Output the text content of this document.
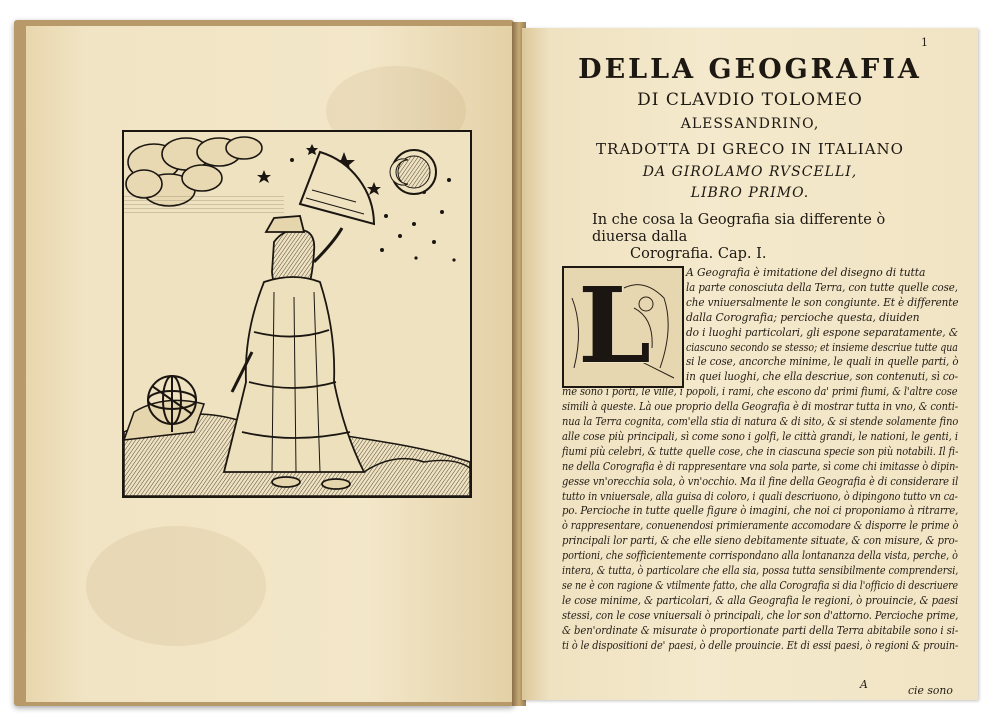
1
DELLA GEOGRAFIA
DI CLAVDIO TOLOMEO
ALESSANDRINO,
TRADOTTA DI GRECO IN ITALIANO
DA GIROLAMO RVSCELLI,
LIBRO PRIMO.
In che cosa la Geografia sia differente ò diuersa dalla
Corografia. Cap. I.
L	A Geografia è imitatione del disegno di tutta
la parte conosciuta della Terra, con tutte quelle cose,
che vniuersalmente le son congiunte. Et è differente
dalla Corografia; percioche questa, diuiden
do i luoghi particolari, gli espone separatamente, &
ciascuno secondo se stesso; et insieme descriue tutte qua
si le cose, ancorche minime, le quali in quelle parti, ò
in quei luoghi, che ella descriue, son contenuti, sì co-
me sono i porti, le ville, i popoli, i rami, che escono da' primi fiumi, & l'altre cose
simili à queste. Là oue proprio della Geografia è di mostrar tutta in vno, & conti-
nua la Terra cognita, com'ella stia di natura & di sito, & si stende solamente fino
alle cose più principali, sì come sono i golfi, le città grandi, le nationi, le genti, i
fiumi più celebri, & tutte quelle cose, che in ciascuna specie son più notabili. Il fi-
ne della Corografia è di rappresentare vna sola parte, sì come chi imitasse ò dipin-
gesse vn'orecchia sola, ò vn'occhio. Ma il fine della Geografia è di considerare il
tutto in vniuersale, alla guisa di coloro, i quali descriuono, ò dipingono tutto vn ca-
po. Percioche in tutte quelle figure ò imagini, che noi ci proponiamo à ritrarre,
ò rappresentare, conuenendosi primieramente accomodare & disporre le prime ò
principali lor parti, & che elle sieno debitamente situate, & con misure, & pro-
portioni, che sofficientemente corrispondano alla lontananza della vista, perche, ò
intera, & tutta, ò particolare che ella sia, possa tutta sensibilmente comprendersi,
se ne è con ragione & vtilmente fatto, che alla Corografia si dia l'officio di descriuere
le cose minime, & particolari, & alla Geografia le regioni, ò prouincie, & paesi
stessi, con le cose vniuersali ò principali, che lor son d'attorno. Percioche prime,
& ben'ordinate & misurate ò proportionate parti della Terra abitabile sono i si-
ti ò le dispositioni de' paesi, ò delle prouincie. Et di essi paesi, ò regioni & prouin-
A	cie sono
